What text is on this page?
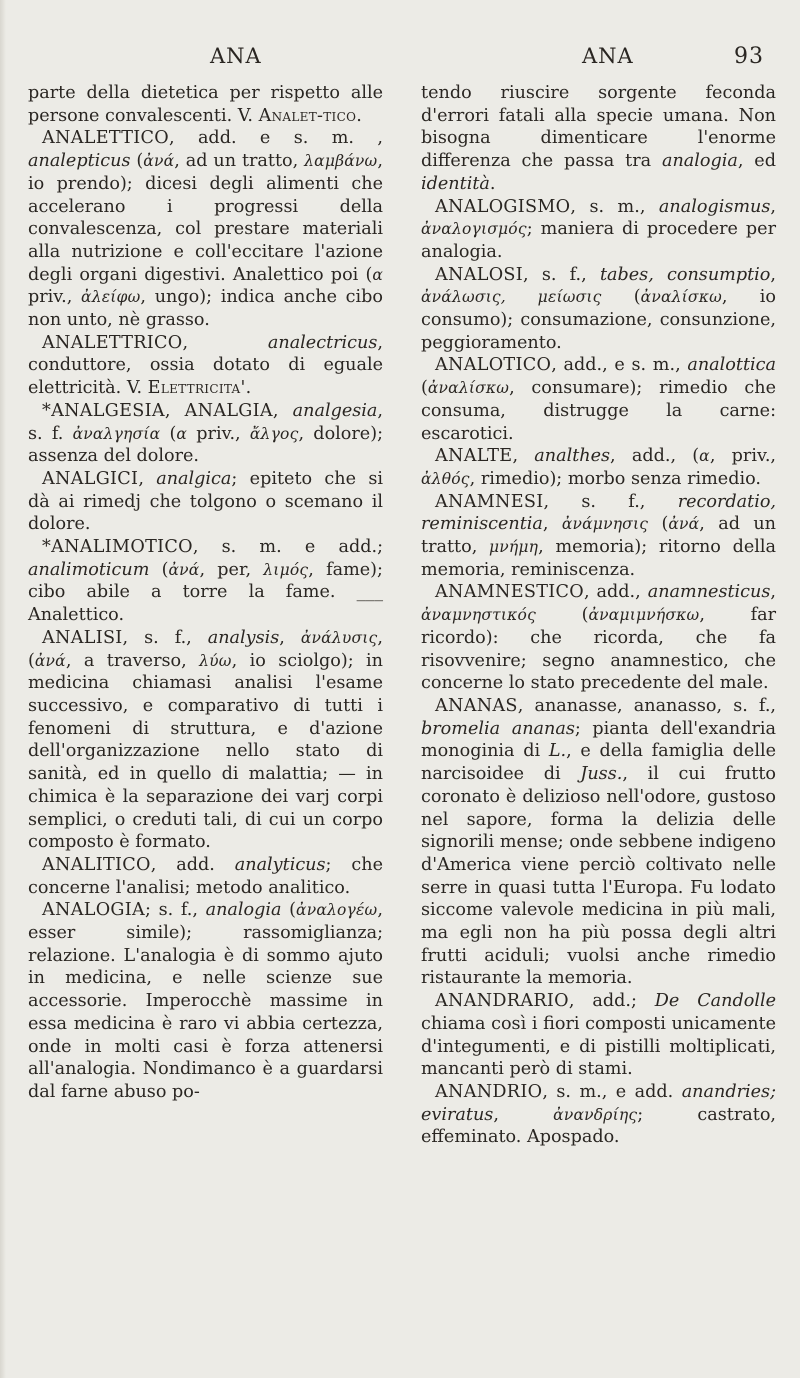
ANA	ANA	93

parte della dietetica per rispetto alle persone convalescenti. V. Analet-tico.

ANALETTICO, add. e s. m. , analepticus (ἀνά, ad un tratto, λαμβάνω, io prendo); dicesi degli alimenti che accelerano i progressi della convalescenza, col prestare materiali alla nutrizione e coll'eccitare l'azione degli organi digestivi. Analettico poi (α priv., ἀλείφω, ungo); indica anche cibo non unto, nè grasso.

ANALETTRICO, analectricus, conduttore, ossia dotato di eguale elettricità. V. Elettricita'.

*ANALGESIA, ANALGIA, analgesia, s. f. ἀναλγησία (α priv., ἄλγος, dolore); assenza del dolore.

ANALGICI, analgica; epiteto che si dà ai rimedj che tolgono o scemano il dolore.

*ANALIMOTICO, s. m. e add.; analimoticum (ἀνά, per, λιμός, fame); cibo abile a torre la fame. ___ Analettico.

ANALISI, s. f., analysis, ἀνάλυσις, (ἀνά, a traverso, λύω, io sciolgo); in medicina chiamasi analisi l'esame successivo, e comparativo di tutti i fenomeni di struttura, e d'azione dell'organizzazione nello stato di sanità, ed in quello di malattia; — in chimica è la separazione dei varj corpi semplici, o creduti tali, di cui un corpo composto è formato.

ANALITICO, add. analyticus; che concerne l'analisi; metodo analitico.

ANALOGIA; s. f., analogia (ἀναλογέω, esser simile); rassomiglianza; relazione. L'analogia è di sommo ajuto in medicina, e nelle scienze sue accessorie. Imperocchè massime in essa medicina è raro vi abbia certezza, onde in molti casi è forza attenersi all'analogia. Nondimanco è a guardarsi dal farne abuso po-

tendo riuscire sorgente feconda d'errori fatali alla specie umana. Non bisogna dimenticare l'enorme differenza che passa tra analogia, ed identità.

ANALOGISMO, s. m., analogismus, ἀναλογισμός; maniera di procedere per analogia.

ANALOSI, s. f., tabes, consumptio, ἀνάλωσις, μείωσις (ἀναλίσκω, io consumo); consumazione, consunzione, peggioramento.

ANALOTICO, add., e s. m., analottica (ἀναλίσκω, consumare); rimedio che consuma, distrugge la carne: escarotici.

ANALTE, analthes, add., (α, priv., ἀλθός, rimedio); morbo senza rimedio.

ANAMNESI, s. f., recordatio, reminiscentia, ἀνάμνησις (ἀνά, ad un tratto, μνήμη, memoria); ritorno della memoria, reminiscenza.

ANAMNESTICO, add., anamnesticus, ἀναμνηστικός (ἀναμιμνήσκω, far ricordo): che ricorda, che fa risovvenire; segno anamnestico, che concerne lo stato precedente del male.

ANANAS, ananasse, ananasso, s. f., bromelia ananas; pianta dell'exandria monoginia di L., e della famiglia delle narcisoidee di Juss., il cui frutto coronato è delizioso nell'odore, gustoso nel sapore, forma la delizia delle signorili mense; onde sebbene indigeno d'America viene perciò coltivato nelle serre in quasi tutta l'Europa. Fu lodato siccome valevole medicina in più mali, ma egli non ha più possa degli altri frutti aciduli; vuolsi anche rimedio ristaurante la memoria.

ANANDRARIO, add.; De Candolle chiama così i fiori composti unicamente d'integumenti, e di pistilli moltiplicati, mancanti però di stami.

ANANDRIO, s. m., e add. anandries; eviratus, ἀνανδρίης; castrato, effeminato. Apospado.
